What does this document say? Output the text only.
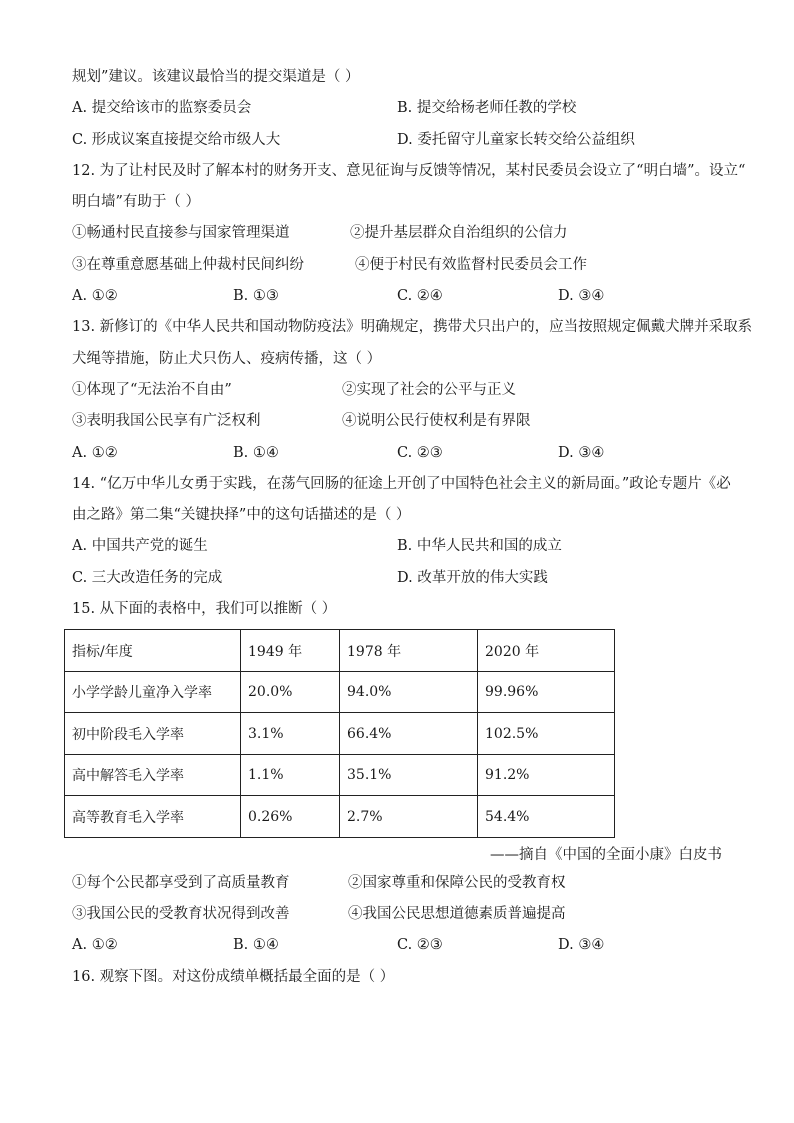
规划”建议。该建议最恰当的提交渠道是（ ）
A. 提交给该市的监察委员会	B. 提交给杨老师任教的学校
C. 形成议案直接提交给市级人大	D. 委托留守儿童家长转交给公益组织
12. 为了让村民及时了解本村的财务开支、意见征询与反馈等情况，某村民委员会设立了“明白墙”。设立“
明白墙”有助于（ ）
①畅通村民直接参与国家管理渠道	②提升基层群众自治组织的公信力
③在尊重意愿基础上仲裁村民间纠纷	④便于村民有效监督村民委员会工作
A. ①②	B. ①③	C. ②④	D. ③④
13. 新修订的《中华人民共和国动物防疫法》明确规定，携带犬只出户的，应当按照规定佩戴犬牌并采取系
犬绳等措施，防止犬只伤人、疫病传播，这（ ）
①体现了“无法治不自由”	②实现了社会的公平与正义
③表明我国公民享有广泛权利	④说明公民行使权利是有界限
A. ①②	B. ①④	C. ②③	D. ③④
14. “亿万中华儿女勇于实践，在荡气回肠的征途上开创了中国特色社会主义的新局面。”政论专题片《必
由之路》第二集“关键抉择”中的这句话描述的是（ ）
A. 中国共产党的诞生	B. 中华人民共和国的成立
C. 三大改造任务的完成	D. 改革开放的伟大实践
15. 从下面的表格中，我们可以推断（ ）
指标/年度	1949 年	1978 年	2020 年
小学学龄儿童净入学率	20.0%	94.0%	99.96%
初中阶段毛入学率	3.1%	66.4%	102.5%
高中解答毛入学率	1.1%	35.1%	91.2%
高等教育毛入学率	0.26%	2.7%	54.4%
——摘自《中国的全面小康》白皮书
①每个公民都享受到了高质量教育	②国家尊重和保障公民的受教育权
③我国公民的受教育状况得到改善	④我国公民思想道德素质普遍提高
A. ①②	B. ①④	C. ②③	D. ③④
16. 观察下图。对这份成绩单概括最全面的是（ ）
